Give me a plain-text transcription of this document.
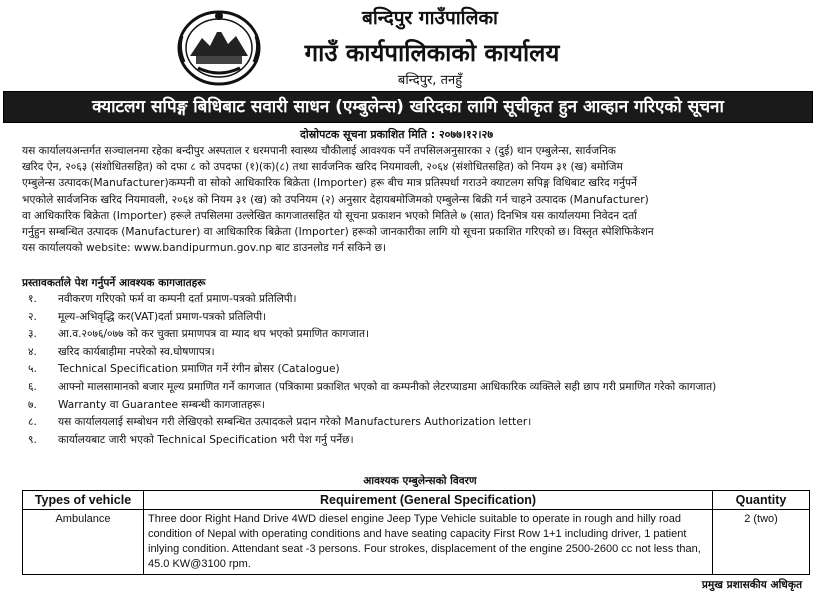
बन्दिपुर गाउँपालिका
गाउँ कार्यपालिकाको कार्यालय
बन्दिपुर, तनहुँ
क्याटलग सपिङ्ग बिधिबाट सवारी साधन (एम्बुलेन्स) खरिदका लागि सूचीकृत हुन आव्हान गरिएको सूचना
दोस्रोपटक सूचना प्रकाशित मिति : २०७७।१२।२७

यस कार्यालयअन्तर्गत सञ्चालनमा रहेका बन्दीपुर अस्पताल र धरमपानी स्वास्थ्य चौकीलाई आवश्यक पर्ने तपसिलअनुसारका २ (दुई) थान एम्बुलेन्स, सार्वजनिक

खरिद ऐन, २०६३ (संशोधितसहित) को दफा ८ को उपदफा (१)(क)(८) तथा सार्वजनिक खरिद नियमावली, २०६४ (संशोधितसहित) को नियम ३१ (ख) बमोजिम

एम्बुलेन्स उत्पादक(Manufacturer)कम्पनी वा सोको आधिकारिक बिक्रेता (Importer) हरू बीच मात्र प्रतिस्पर्धा गराउने क्याटलग सपिङ्ग विधिबाट खरिद गर्नुपर्ने

भएकोले सार्वजनिक खरिद नियमावली, २०६४ को नियम ३१ (ख) को उपनियम (२) अनुसार देहायबमोजिमको एम्बुलेन्स बिक्री गर्न चाहने उत्पादक (Manufacturer)

वा आधिकारिक बिक्रेता (Importer) हरूले तपसिलमा उल्लेखित कागजातसहित यो सूचना प्रकाशन भएको मितिले ७ (सात) दिनभित्र यस कार्यालयमा निवेदन दर्ता

गर्नुहुन सम्बन्धित उत्पादक (Manufacturer) वा आधिकारिक बिक्रेता (Importer) हरूको जानकारीका लागि यो सूचना प्रकाशित गरिएको छ। विस्तृत स्पेशिफिकेशन

यस कार्यालयको website: www.bandipurmun.gov.np बाट डाउनलोड गर्न सकिने छ।

प्रस्तावकर्ताले पेश गर्नुपर्ने आवश्यक कागजातहरू
१.	नवीकरण गरिएको फर्म वा कम्पनी दर्ता प्रमाण-पत्रको प्रतिलिपी।
२.	मूल्य-अभिवृद्धि कर(VAT)दर्ता प्रमाण-पत्रको प्रतिलिपी।
३.	आ.व.२०७६/०७७ को कर चुक्ता प्रमाणपत्र वा म्याद थप भएको प्रमाणित कागजात।
४.	खरिद कार्यबाहीमा नपरेको स्व.घोषणापत्र।
५.	Technical Specification प्रमाणित गर्ने रंगीन ब्रोसर (Catalogue)
६.	आफ्नो मालसामानको बजार मूल्य प्रमाणित गर्ने कागजात (पत्रिकामा प्रकाशित भएको वा कम्पनीको लेटरप्याडमा आधिकारिक व्यक्तिले सही छाप गरी प्रमाणित गरेको कागजात)
७.	Warranty वा Guarantee सम्बन्धी कागजातहरू।
८.	यस कार्यालयलाई सम्बोधन गरी लेखिएको सम्बन्धित उत्पादकले प्रदान गरेको Manufacturers Authorization letter।
९.	कार्यालयबाट जारी भएको Technical Specification भरी पेश गर्नु पर्नेछ।
आवश्यक एम्बुलेन्सको विवरण
Types of vehicle	Requirement (General Specification)	Quantity
Ambulance	Three door Right Hand Drive 4WD diesel engine Jeep Type Vehicle suitable to operate in rough and hilly road condition of Nepal with operating conditions and have seating capacity First Row 1+1 including driver, 1 patient inlying condition. Attendant seat -3 persons. Four strokes, displacement of the engine 2500-2600 cc not less than, 45.0 KW@3100 rpm.	2 (two)
प्रमुख प्रशासकीय अधिकृत
